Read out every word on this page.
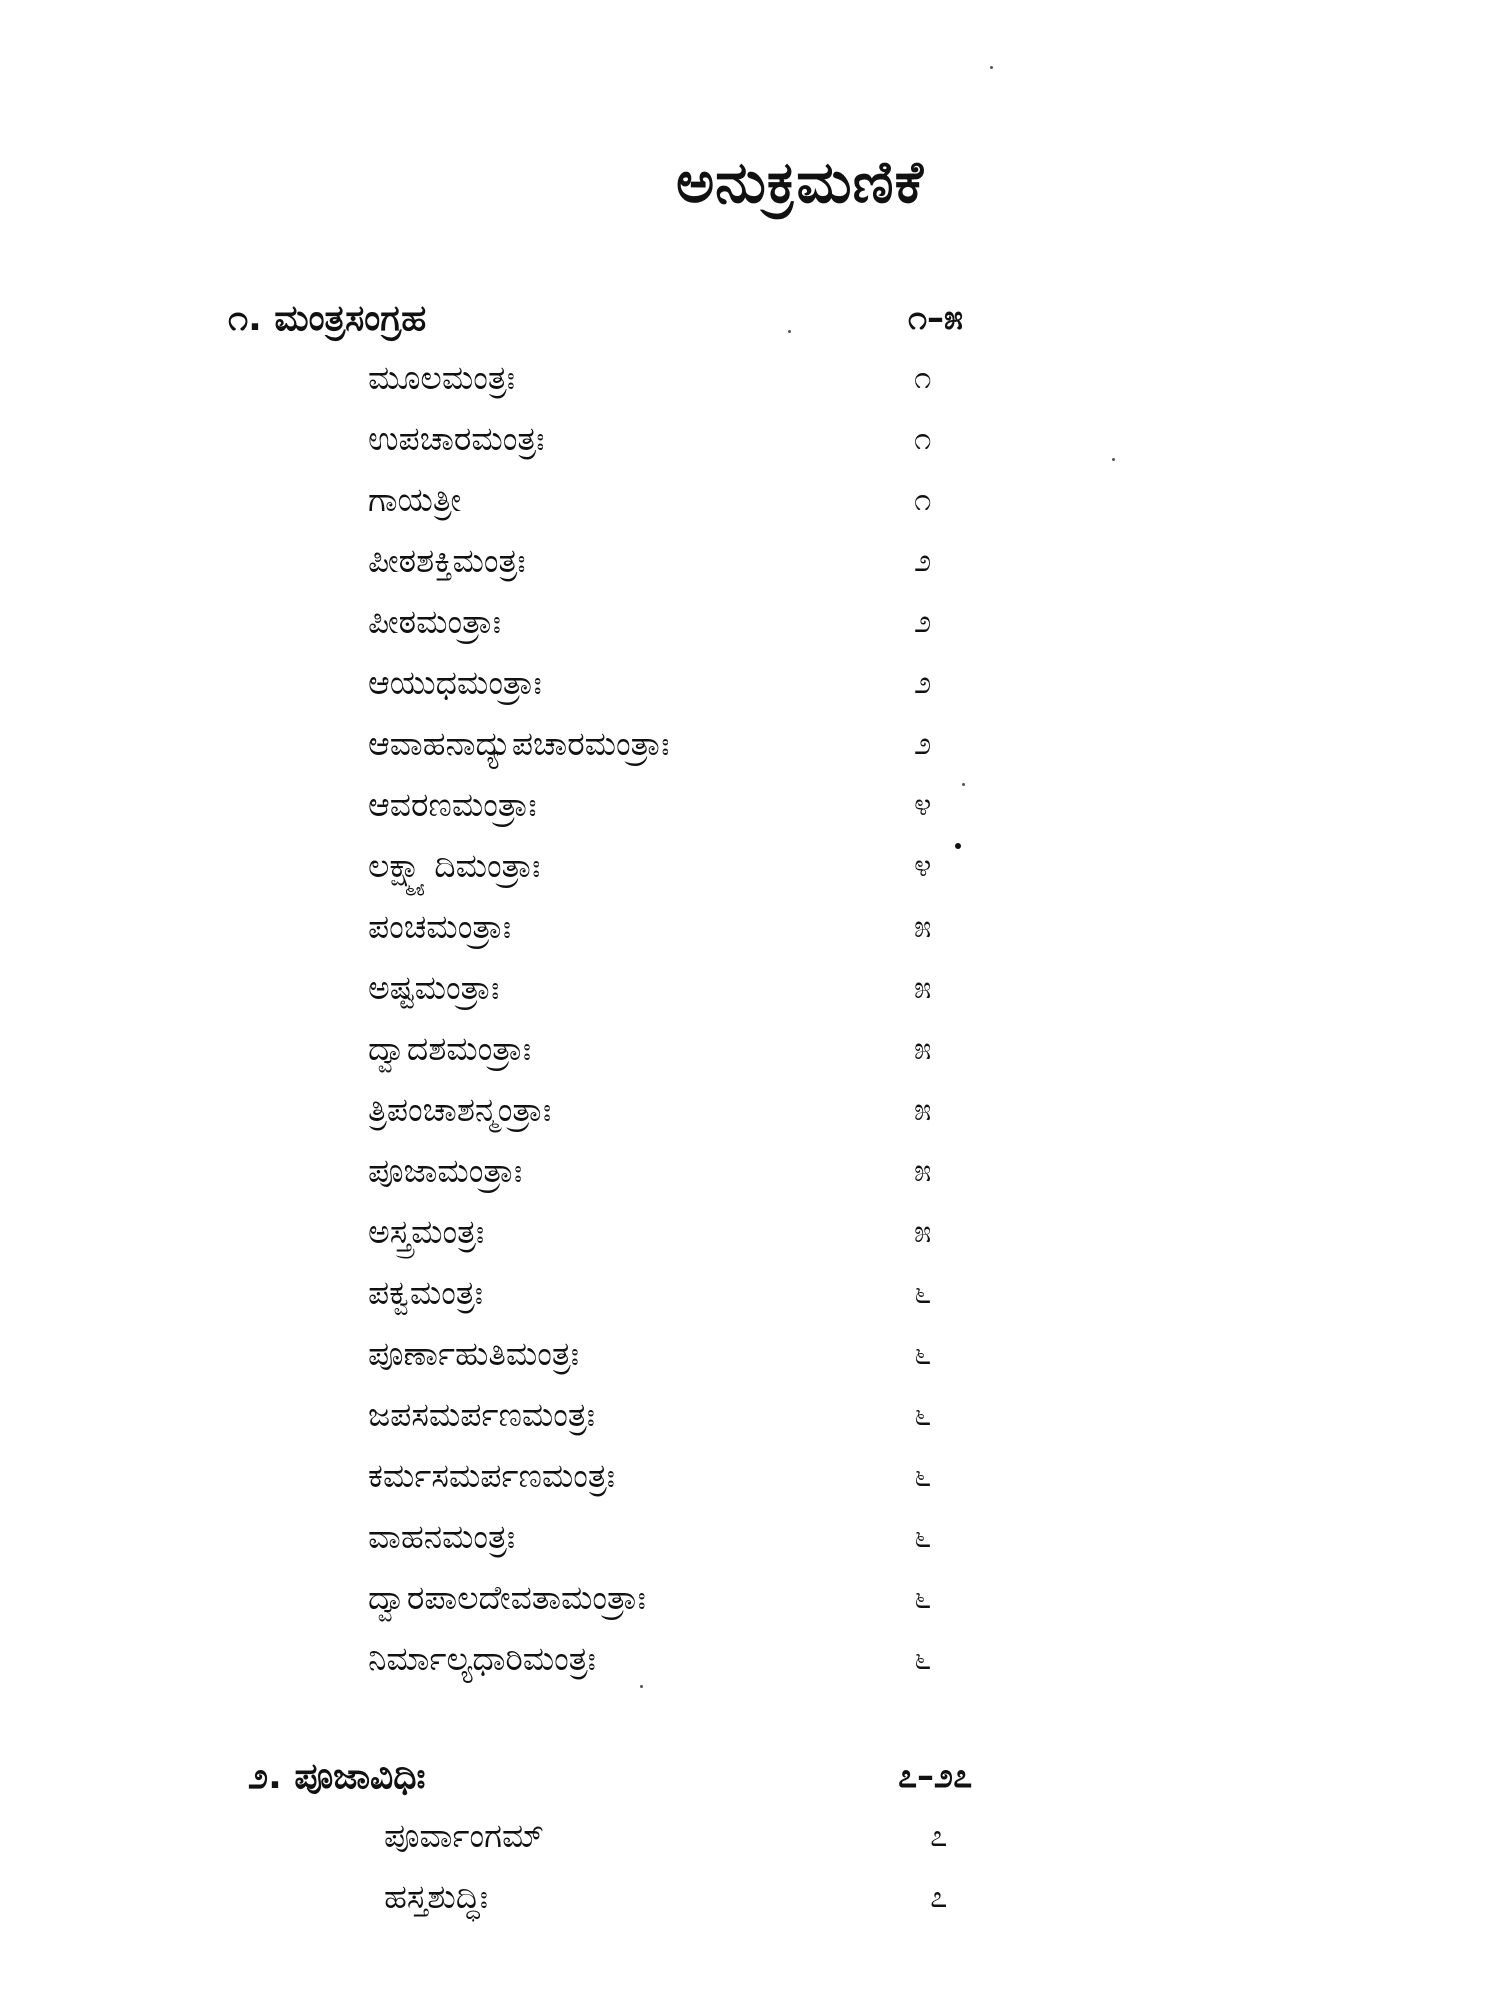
ಅನುಕ್ರಮಣಿಕೆ
೧. ಮಂತ್ರಸಂಗ್ರಹ	೧–೫
ಮೂಲಮಂತ್ರಃ	೧
ಉಪಚಾರಮಂತ್ರಃ	೧
ಗಾಯತ್ರೀ	೧
ಪೀಠಶಕ್ತಿಮಂತ್ರಃ	೨
ಪೀಠಮಂತ್ರಾಃ	೨
ಆಯುಧಮಂತ್ರಾಃ	೨
ಆವಾಹನಾದ್ಯುಪಚಾರಮಂತ್ರಾಃ	೨
ಆವರಣಮಂತ್ರಾಃ	೪
ಲಕ್ಷ್ಮ್ಯಾದಿಮಂತ್ರಾಃ	೪
ಪಂಚಮಂತ್ರಾಃ	೫
ಅಷ್ಟಮಂತ್ರಾಃ	೫
ದ್ವಾದಶಮಂತ್ರಾಃ	೫
ತ್ರಿಪಂಚಾಶನ್ಮಂತ್ರಾಃ	೫
ಪೂಜಾಮಂತ್ರಾಃ	೫
ಅಸ್ತ್ರಮಂತ್ರಃ	೫
ಪಕ್ವಮಂತ್ರಃ	೬
ಪೂರ್ಣಾಹುತಿಮಂತ್ರಃ	೬
ಜಪಸಮರ್ಪಣಮಂತ್ರಃ	೬
ಕರ್ಮಸಮರ್ಪಣಮಂತ್ರಃ	೬
ವಾಹನಮಂತ್ರಃ	೬
ದ್ವಾರಪಾಲದೇವತಾಮಂತ್ರಾಃ	೬
ನಿರ್ಮಾಲ್ಯಧಾರಿಮಂತ್ರಃ	೬
೨. ಪೂಜಾವಿಧಿಃ	೭–೨೭
ಪೂರ್ವಾಂಗಮ್	೭
ಹಸ್ತಶುದ್ಧಿಃ	೭
